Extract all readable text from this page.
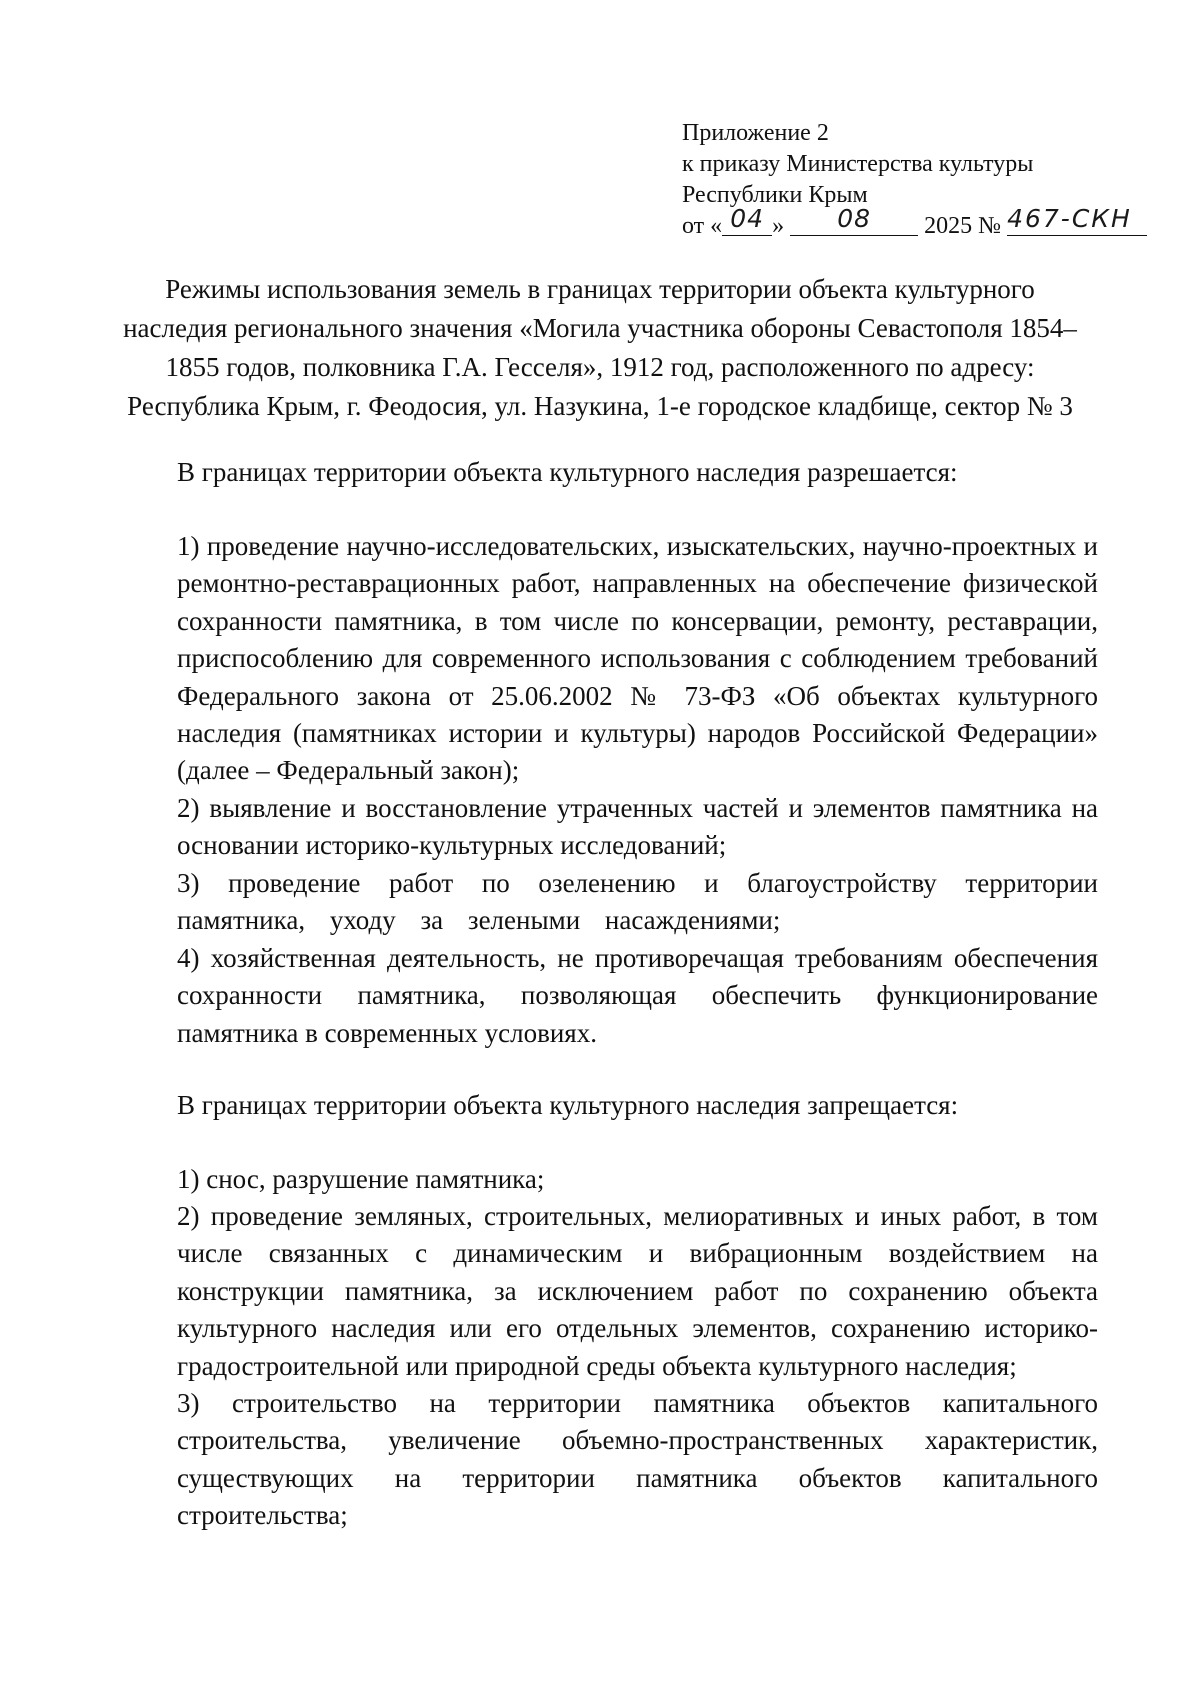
Приложение 2
к приказу Министерства культуры
Республики Крым
от « 04 » 08 2025 № 467-СКН
Режимы использования земель в границах территории объекта культурного
наследия регионального значения «Могила участника обороны Севастополя 1854–
1855 годов, полковника Г.А. Гесселя», 1912 год, расположенного по адресу:
Республика Крым, г. Феодосия, ул. Назукина, 1-е городское кладбище, сектор № 3
В границах территории объекта культурного наследия разрешается:
1) проведение научно-исследовательских, изыскательских, научно-проектных и ремонтно-реставрационных работ, направленных на обеспечение физической сохранности памятника, в том числе по консервации, ремонту, реставрации, приспособлению для современного использования с соблюдением требований Федерального закона от 25.06.2002 № 73-ФЗ «Об объектах культурного наследия (памятниках истории и культуры) народов Российской Федерации» (далее – Федеральный закон);
2) выявление и восстановление утраченных частей и элементов памятника на основании историко-культурных исследований;
3) проведение работ по озеленению и благоустройству территории памятника, уходу за зелеными насаждениями;
4) хозяйственная деятельность, не противоречащая требованиям обеспечения сохранности памятника, позволяющая обеспечить функционирование памятника в современных условиях.
В границах территории объекта культурного наследия запрещается:
1) снос, разрушение памятника;
2) проведение земляных, строительных, мелиоративных и иных работ, в том числе связанных с динамическим и вибрационным воздействием на конструкции памятника, за исключением работ по сохранению объекта культурного наследия или его отдельных элементов, сохранению историко-градостроительной или природной среды объекта культурного наследия;
3) строительство на территории памятника объектов капитального строительства, увеличение объемно-пространственных характеристик, существующих на территории памятника объектов капитального строительства;
